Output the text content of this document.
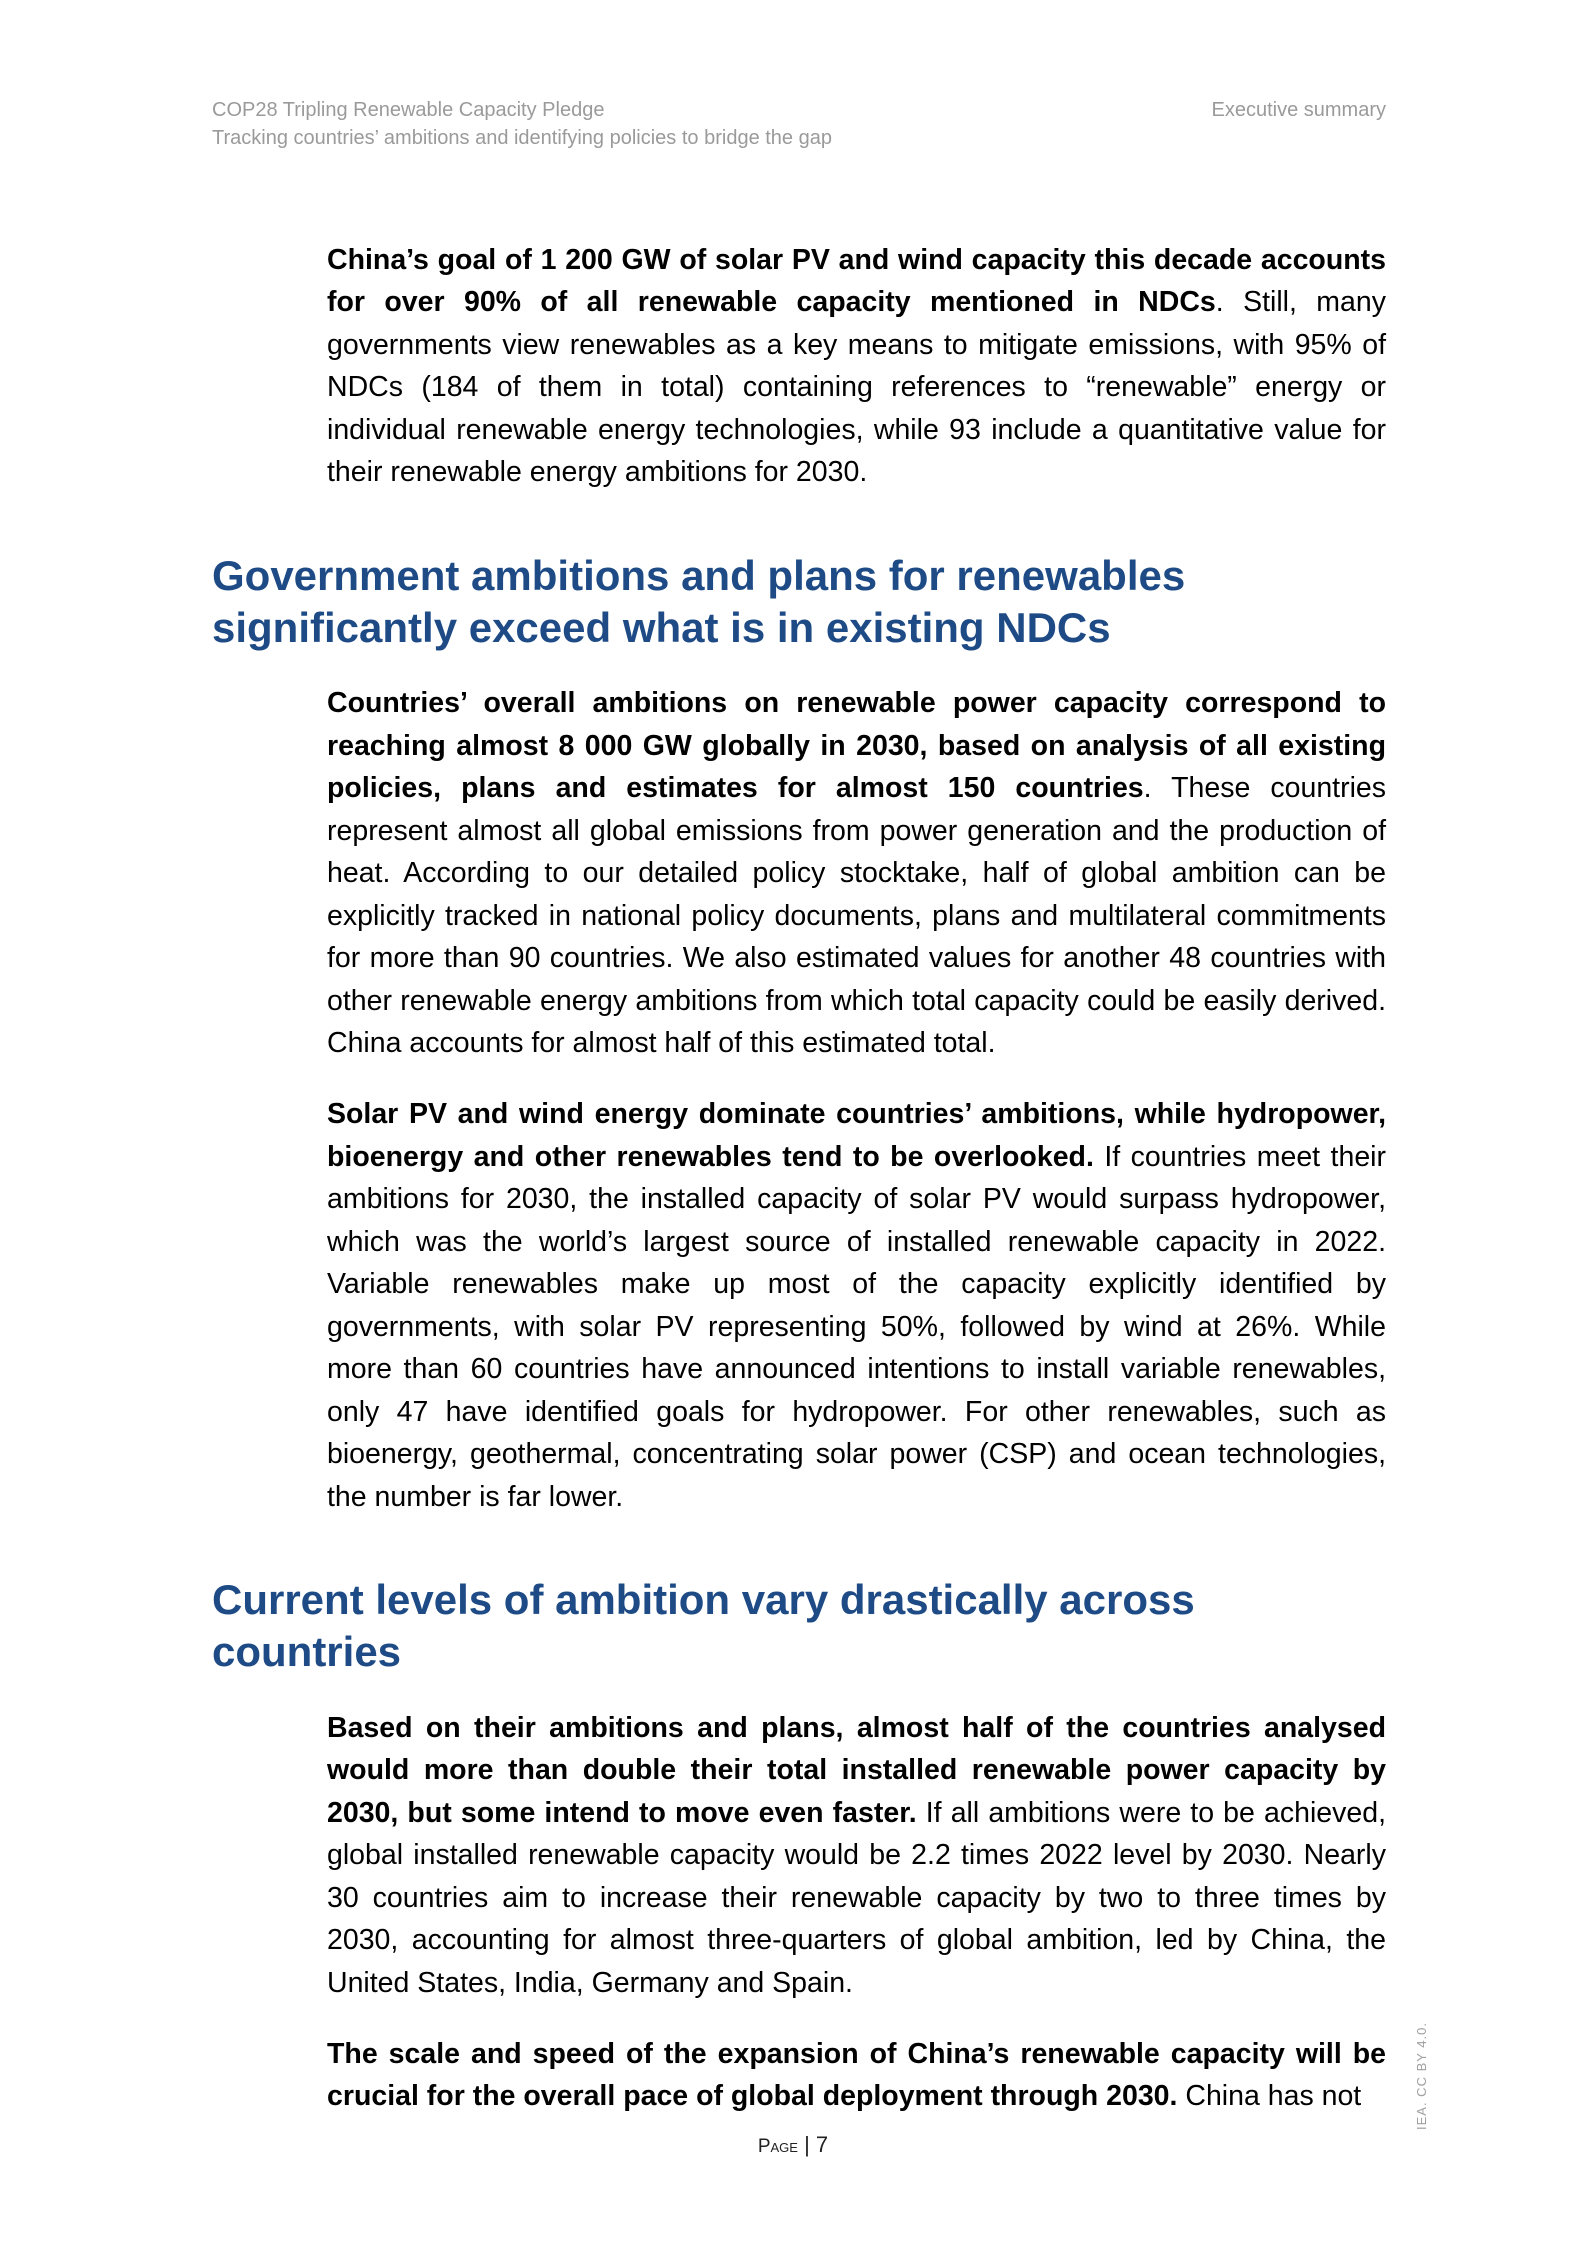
COP28 Tripling Renewable Capacity Pledge
Tracking countries’ ambitions and identifying policies to bridge the gap
Executive summary

China’s goal of 1 200 GW of solar PV and wind capacity this decade accounts for over 90% of all renewable capacity mentioned in NDCs. Still, many governments view renewables as a key means to mitigate emissions, with 95% of NDCs (184 of them in total) containing references to “renewable” energy or individual renewable energy technologies, while 93 include a quantitative value for their renewable energy ambitions for 2030.

Government ambitions and plans for renewables significantly exceed what is in existing NDCs

Countries’ overall ambitions on renewable power capacity correspond to reaching almost 8 000 GW globally in 2030, based on analysis of all existing policies, plans and estimates for almost 150 countries. These countries represent almost all global emissions from power generation and the production of heat. According to our detailed policy stocktake, half of global ambition can be explicitly tracked in national policy documents, plans and multilateral commitments for more than 90 countries. We also estimated values for another 48 countries with other renewable energy ambitions from which total capacity could be easily derived. China accounts for almost half of this estimated total.

Solar PV and wind energy dominate countries’ ambitions, while hydropower, bioenergy and other renewables tend to be overlooked. If countries meet their ambitions for 2030, the installed capacity of solar PV would surpass hydropower, which was the world’s largest source of installed renewable capacity in 2022. Variable renewables make up most of the capacity explicitly identified by governments, with solar PV representing 50%, followed by wind at 26%. While more than 60 countries have announced intentions to install variable renewables, only 47 have identified goals for hydropower. For other renewables, such as bioenergy, geothermal, concentrating solar power (CSP) and ocean technologies, the number is far lower.

Current levels of ambition vary drastically across countries

Based on their ambitions and plans, almost half of the countries analysed would more than double their total installed renewable power capacity by 2030, but some intend to move even faster. If all ambitions were to be achieved, global installed renewable capacity would be 2.2 times 2022 level by 2030. Nearly 30 countries aim to increase their renewable capacity by two to three times by 2030, accounting for almost three-quarters of global ambition, led by China, the United States, India, Germany and Spain.

The scale and speed of the expansion of China’s renewable capacity will be crucial for the overall pace of global deployment through 2030. China has not	IEA. CC BY 4.0.
Page | 7
